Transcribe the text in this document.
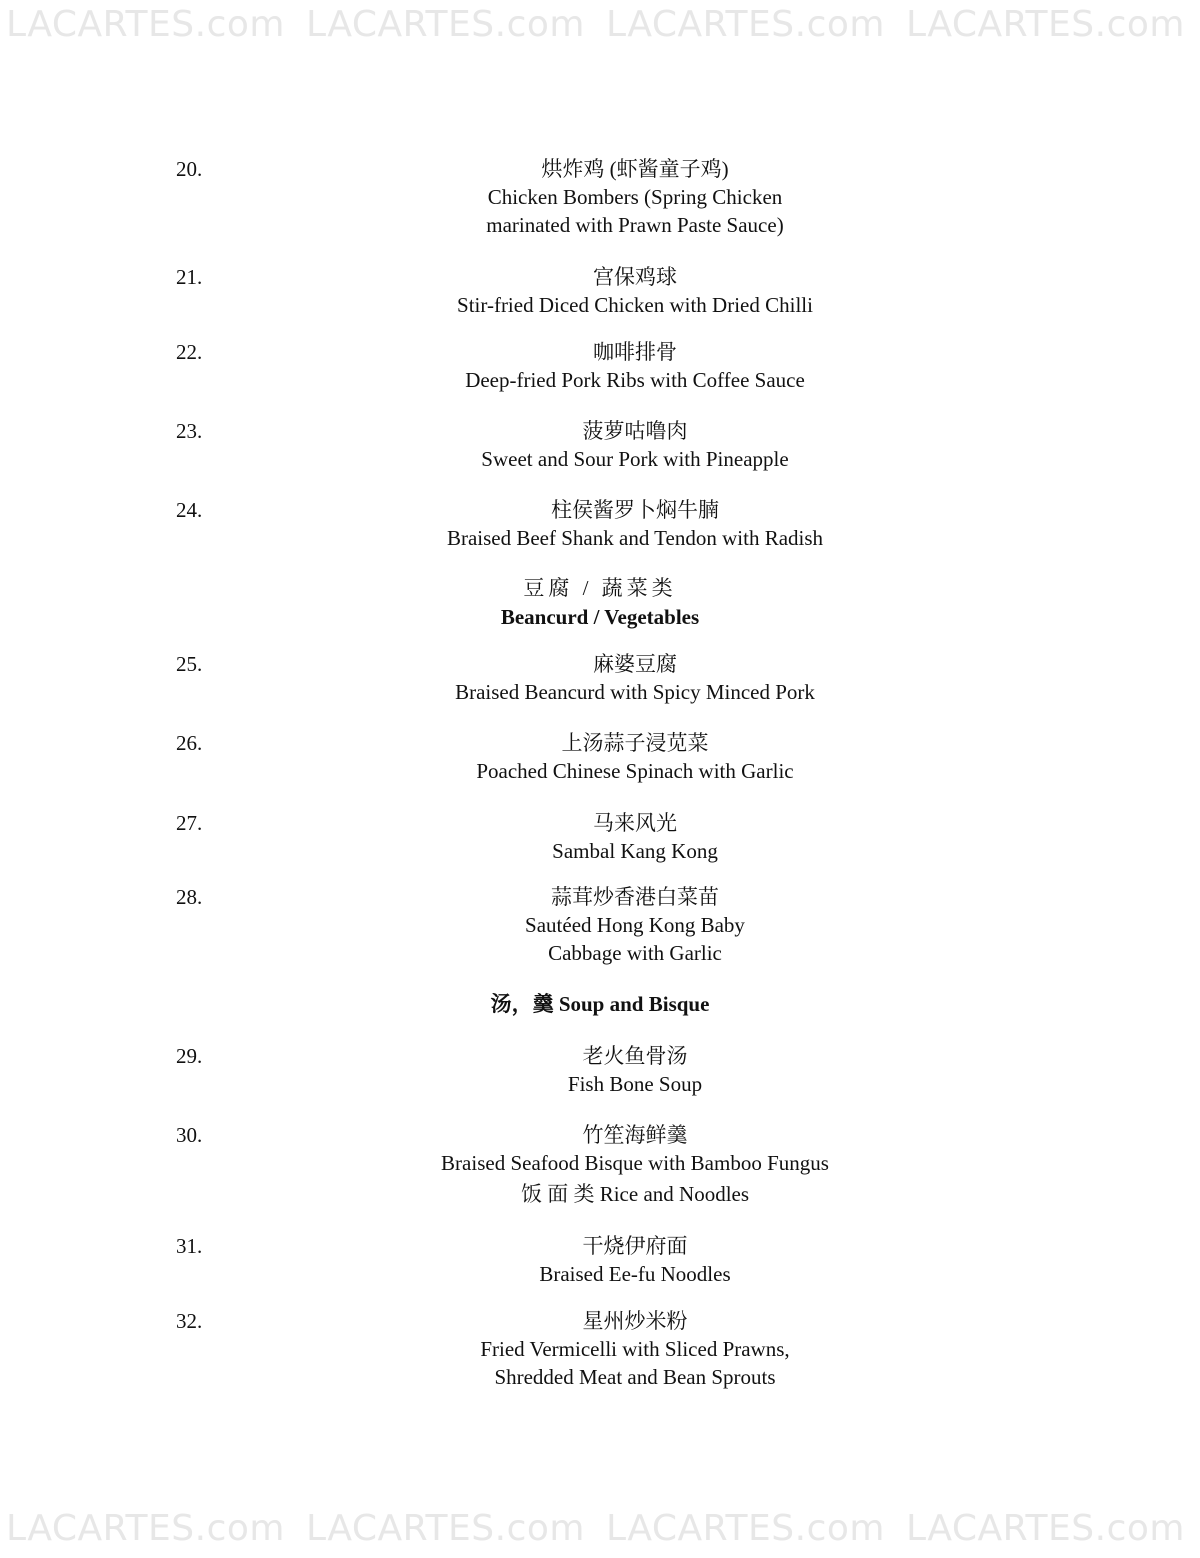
LACARTES.com LACARTES.com LACARTES.com LACARTES.com
20.	烘炸鸡 (虾酱童子鸡)
Chicken Bombers (Spring Chicken
marinated with Prawn Paste Sauce)
21.	宫保鸡球
Stir-fried Diced Chicken with Dried Chilli
22.	咖啡排骨
Deep-fried Pork Ribs with Coffee Sauce
23.	菠萝咕噜肉
Sweet and Sour Pork with Pineapple
24.	柱侯酱罗卜焖牛腩
Braised Beef Shank and Tendon with Radish
豆腐 / 蔬菜类
Beancurd / Vegetables
25.	麻婆豆腐
Braised Beancurd with Spicy Minced Pork
26.	上汤蒜子浸苋菜
Poached Chinese Spinach with Garlic
27.	马来风光
Sambal Kang Kong
28.	蒜茸炒香港白菜苗
Sautéed Hong Kong Baby
Cabbage with Garlic
汤，羹 Soup and Bisque
29.	老火鱼骨汤
Fish Bone Soup
30.	竹笙海鲜羹
Braised Seafood Bisque with Bamboo Fungus
饭 面 类 Rice and Noodles
31.	干烧伊府面
Braised Ee-fu Noodles
32.	星州炒米粉
Fried Vermicelli with Sliced Prawns,
Shredded Meat and Bean Sprouts
LACARTES.com LACARTES.com LACARTES.com LACARTES.com
